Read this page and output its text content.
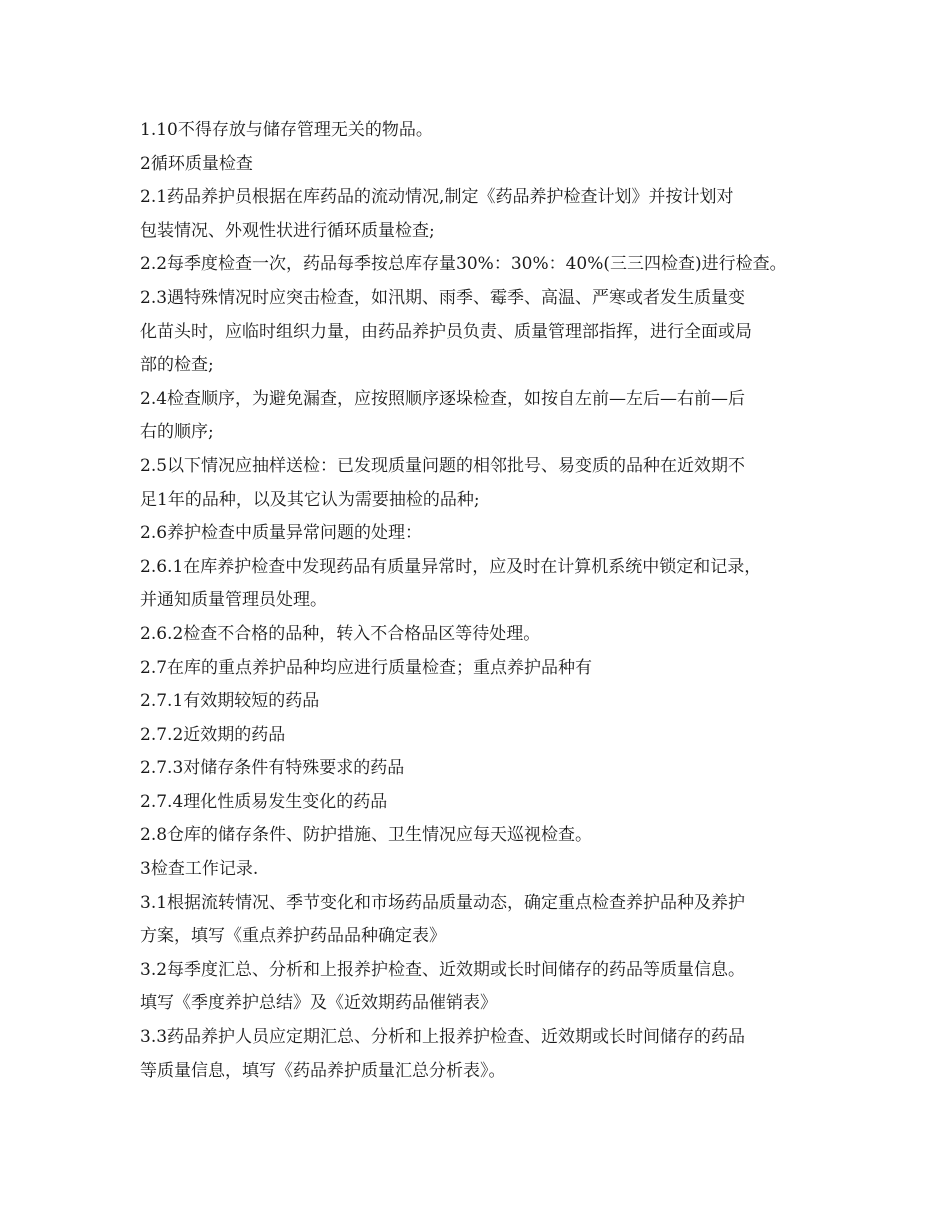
1.10不得存放与储存管理无关的物品。
2循环质量检查
2.1药品养护员根据在库药品的流动情况,制定《药品养护检查计划》并按计划对
包装情况、外观性状进行循环质量检查;
2.2每季度检查一次，药品每季按总库存量30%：30%：40%(三三四检查)进行检查。
2.3遇特殊情况时应突击检查，如汛期、雨季、霉季、高温、严寒或者发生质量变
化苗头时，应临时组织力量，由药品养护员负责、质量管理部指挥，进行全面或局
部的检查;
2.4检查顺序，为避免漏查，应按照顺序逐垛检查，如按自左前—左后—右前—后
右的顺序;
2.5以下情况应抽样送检：已发现质量问题的相邻批号、易变质的品种在近效期不
足1年的品种，以及其它认为需要抽检的品种;
2.6养护检查中质量异常问题的处理：
2.6.1在库养护检查中发现药品有质量异常时，应及时在计算机系统中锁定和记录，
并通知质量管理员处理。
2.6.2检查不合格的品种，转入不合格品区等待处理。
2.7在库的重点养护品种均应进行质量检查；重点养护品种有
2.7.1有效期较短的药品
2.7.2近效期的药品
2.7.3对储存条件有特殊要求的药品
2.7.4理化性质易发生变化的药品
2.8仓库的储存条件、防护措施、卫生情况应每天巡视检查。
3检查工作记录.
3.1根据流转情况、季节变化和市场药品质量动态，确定重点检查养护品种及养护
方案，填写《重点养护药品品种确定表》
3.2每季度汇总、分析和上报养护检查、近效期或长时间储存的药品等质量信息。
填写《季度养护总结》及《近效期药品催销表》
3.3药品养护人员应定期汇总、分析和上报养护检查、近效期或长时间储存的药品
等质量信息，填写《药品养护质量汇总分析表》。
